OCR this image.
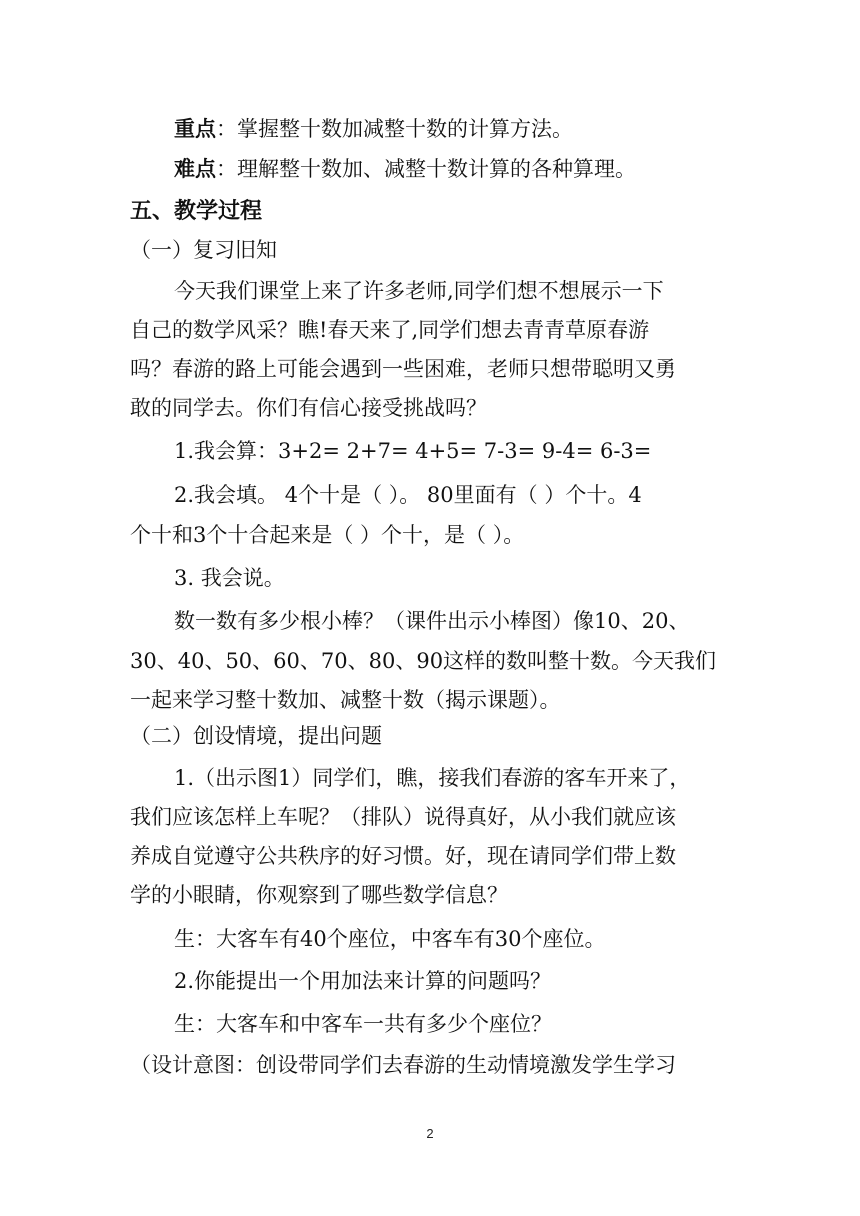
重点：掌握整十数加减整十数的计算方法。
难点：理解整十数加、减整十数计算的各种算理。
五、教学过程
（一）复习旧知
今天我们课堂上来了许多老师,同学们想不想展示一下
自己的数学风采？瞧!春天来了,同学们想去青青草原春游
吗？春游的路上可能会遇到一些困难，老师只想带聪明又勇
敢的同学去。你们有信心接受挑战吗？
1.我会算：3+2= 2+7= 4+5= 7-3= 9-4= 6-3=
2.我会填。 4个十是（ ）。 80里面有（ ）个十。4
个十和3个十合起来是（ ）个十，是（ ）。
3. 我会说。
数一数有多少根小棒？（课件出示小棒图）像10、20、
30、40、50、60、70、80、90这样的数叫整十数。今天我们
一起来学习整十数加、减整十数（揭示课题）。
（二）创设情境，提出问题
1.（出示图1）同学们，瞧，接我们春游的客车开来了，
我们应该怎样上车呢？（排队）说得真好，从小我们就应该
养成自觉遵守公共秩序的好习惯。好，现在请同学们带上数
学的小眼睛，你观察到了哪些数学信息？
生：大客车有40个座位，中客车有30个座位。
2.你能提出一个用加法来计算的问题吗？
生：大客车和中客车一共有多少个座位？
（设计意图：创设带同学们去春游的生动情境激发学生学习
2
